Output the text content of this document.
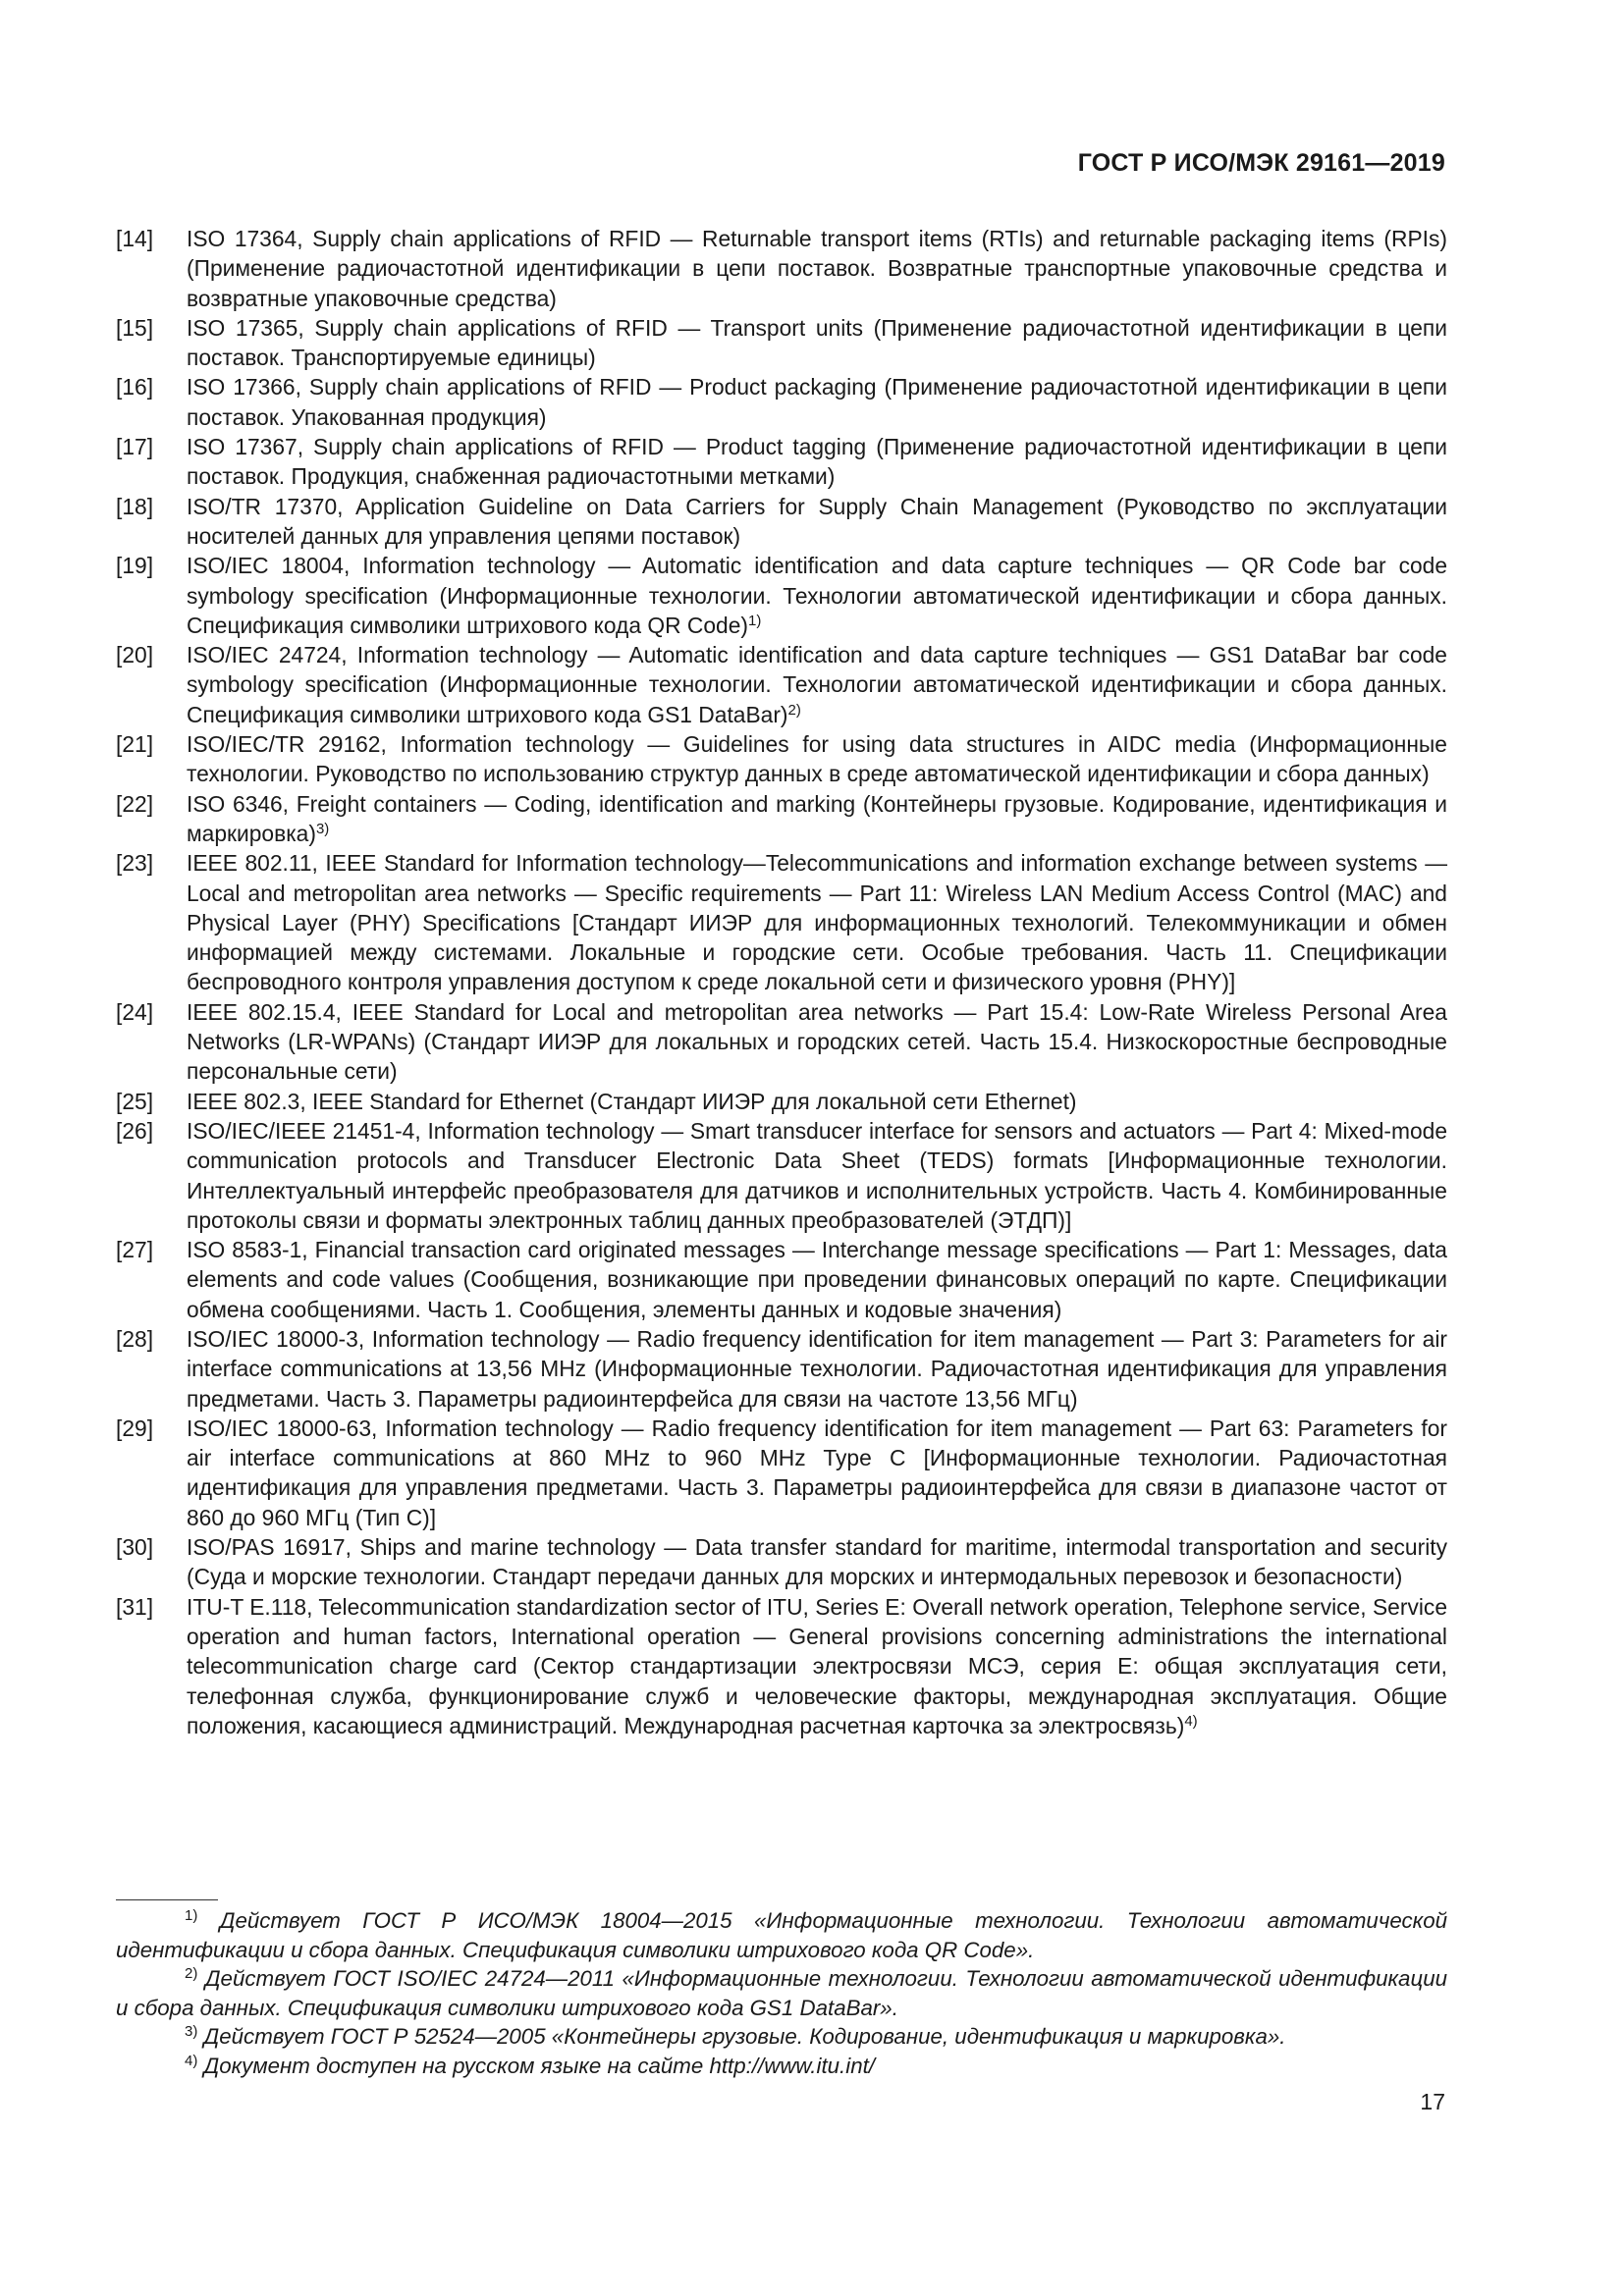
ГОСТ Р ИСО/МЭК 29161—2019
[14]	ISO 17364, Supply chain applications of RFID — Returnable transport items (RTIs) and returnable packaging items (RPIs) (Применение радиочастотной идентификации в цепи поставок. Возвратные транспортные упаковочные средства и возвратные упаковочные средства)
[15]	ISO 17365, Supply chain applications of RFID — Transport units (Применение радиочастотной идентификации в цепи поставок. Транспортируемые единицы)
[16]	ISO 17366, Supply chain applications of RFID — Product packaging (Применение радиочастотной идентификации в цепи поставок. Упакованная продукция)
[17]	ISO 17367, Supply chain applications of RFID — Product tagging (Применение радиочастотной идентификации в цепи поставок. Продукция, снабженная радиочастотными метками)
[18]	ISO/TR 17370, Application Guideline on Data Carriers for Supply Chain Management (Руководство по эксплуатации носителей данных для управления цепями поставок)
[19]	ISO/IEC 18004, Information technology — Automatic identification and data capture techniques — QR Code bar code symbology specification (Информационные технологии. Технологии автоматической идентификации и сбора данных. Спецификация символики штрихового кода QR Code)$^{1)}$
[20]	ISO/IEC 24724, Information technology — Automatic identification and data capture techniques — GS1 DataBar bar code symbology specification (Информационные технологии. Технологии автоматической идентификации и сбора данных. Спецификация символики штрихового кода GS1 DataBar)$^{2)}$
[21]	ISO/IEC/TR 29162, Information technology — Guidelines for using data structures in AIDC media (Информационные технологии. Руководство по использованию структур данных в среде автоматической идентификации и сбора данных)
[22]	ISO 6346, Freight containers — Coding, identification and marking (Контейнеры грузовые. Кодирование, идентификация и маркировка)$^{3)}$
[23]	IEEE 802.11, IEEE Standard for Information technology—Telecommunications and information exchange between systems — Local and metropolitan area networks — Specific requirements — Part 11: Wireless LAN Medium Access Control (MAC) and Physical Layer (PHY) Specifications [Стандарт ИИЭР для информационных технологий. Телекоммуникации и обмен информацией между системами. Локальные и городские сети. Особые требования. Часть 11. Спецификации беспроводного контроля управления доступом к среде локальной сети и физического уровня (PHY)]
[24]	IEEE 802.15.4, IEEE Standard for Local and metropolitan area networks — Part 15.4: Low-Rate Wireless Personal Area Networks (LR-WPANs) (Стандарт ИИЭР для локальных и городских сетей. Часть 15.4. Низкоскоростные беспроводные персональные сети)
[25]	IEEE 802.3, IEEE Standard for Ethernet (Стандарт ИИЭР для локальной сети Ethernet)
[26]	ISO/IEC/IEEE 21451-4, Information technology — Smart transducer interface for sensors and actuators — Part 4: Mixed-mode communication protocols and Transducer Electronic Data Sheet (TEDS) formats [Информационные технологии. Интеллектуальный интерфейс преобразователя для датчиков и исполнительных устройств. Часть 4. Комбинированные протоколы связи и форматы электронных таблиц данных преобразователей (ЭТДП)]
[27]	ISO 8583-1, Financial transaction card originated messages — Interchange message specifications — Part 1: Messages, data elements and code values (Сообщения, возникающие при проведении финансовых операций по карте. Спецификации обмена сообщениями. Часть 1. Сообщения, элементы данных и кодовые значения)
[28]	ISO/IEC 18000-3, Information technology — Radio frequency identification for item management — Part 3: Parameters for air interface communications at 13,56 MHz (Информационные технологии. Радиочастотная идентификация для управления предметами. Часть 3. Параметры радиоинтерфейса для связи на частоте 13,56 МГц)
[29]	ISO/IEC 18000-63, Information technology — Radio frequency identification for item management — Part 63: Parameters for air interface communications at 860 MHz to 960 MHz Type C [Информационные технологии. Радиочастотная идентификация для управления предметами. Часть 3. Параметры радиоинтерфейса для связи в диапазоне частот от 860 до 960 МГц (Тип С)]
[30]	ISO/PAS 16917, Ships and marine technology — Data transfer standard for maritime, intermodal transportation and security (Суда и морские технологии. Стандарт передачи данных для морских и интермодальных перевозок и безопасности)
[31]	ITU-T E.118, Telecommunication standardization sector of ITU, Series E: Overall network operation, Telephone service, Service operation and human factors, International operation — General provisions concerning administrations the international telecommunication charge card (Сектор стандартизации электросвязи МСЭ, серия Е: общая эксплуатация сети, телефонная служба, функционирование служб и человеческие факторы, международная эксплуатация. Общие положения, касающиеся администраций. Международная расчетная карточка за электросвязь)$^{4)}$
$^{1)}$ Действует ГОСТ Р ИСО/МЭК 18004—2015 «Информационные технологии. Технологии автоматической идентификации и сбора данных. Спецификация символики штрихового кода QR Code».
$^{2)}$ Действует ГОСТ ISO/IEC 24724—2011 «Информационные технологии. Технологии автоматической идентификации и сбора данных. Спецификация символики штрихового кода GS1 DataBar».
$^{3)}$ Действует ГОСТ Р 52524—2005 «Контейнеры грузовые. Кодирование, идентификация и маркировка».
$^{4)}$ Документ доступен на русском языке на сайте http://www.itu.int/
17
